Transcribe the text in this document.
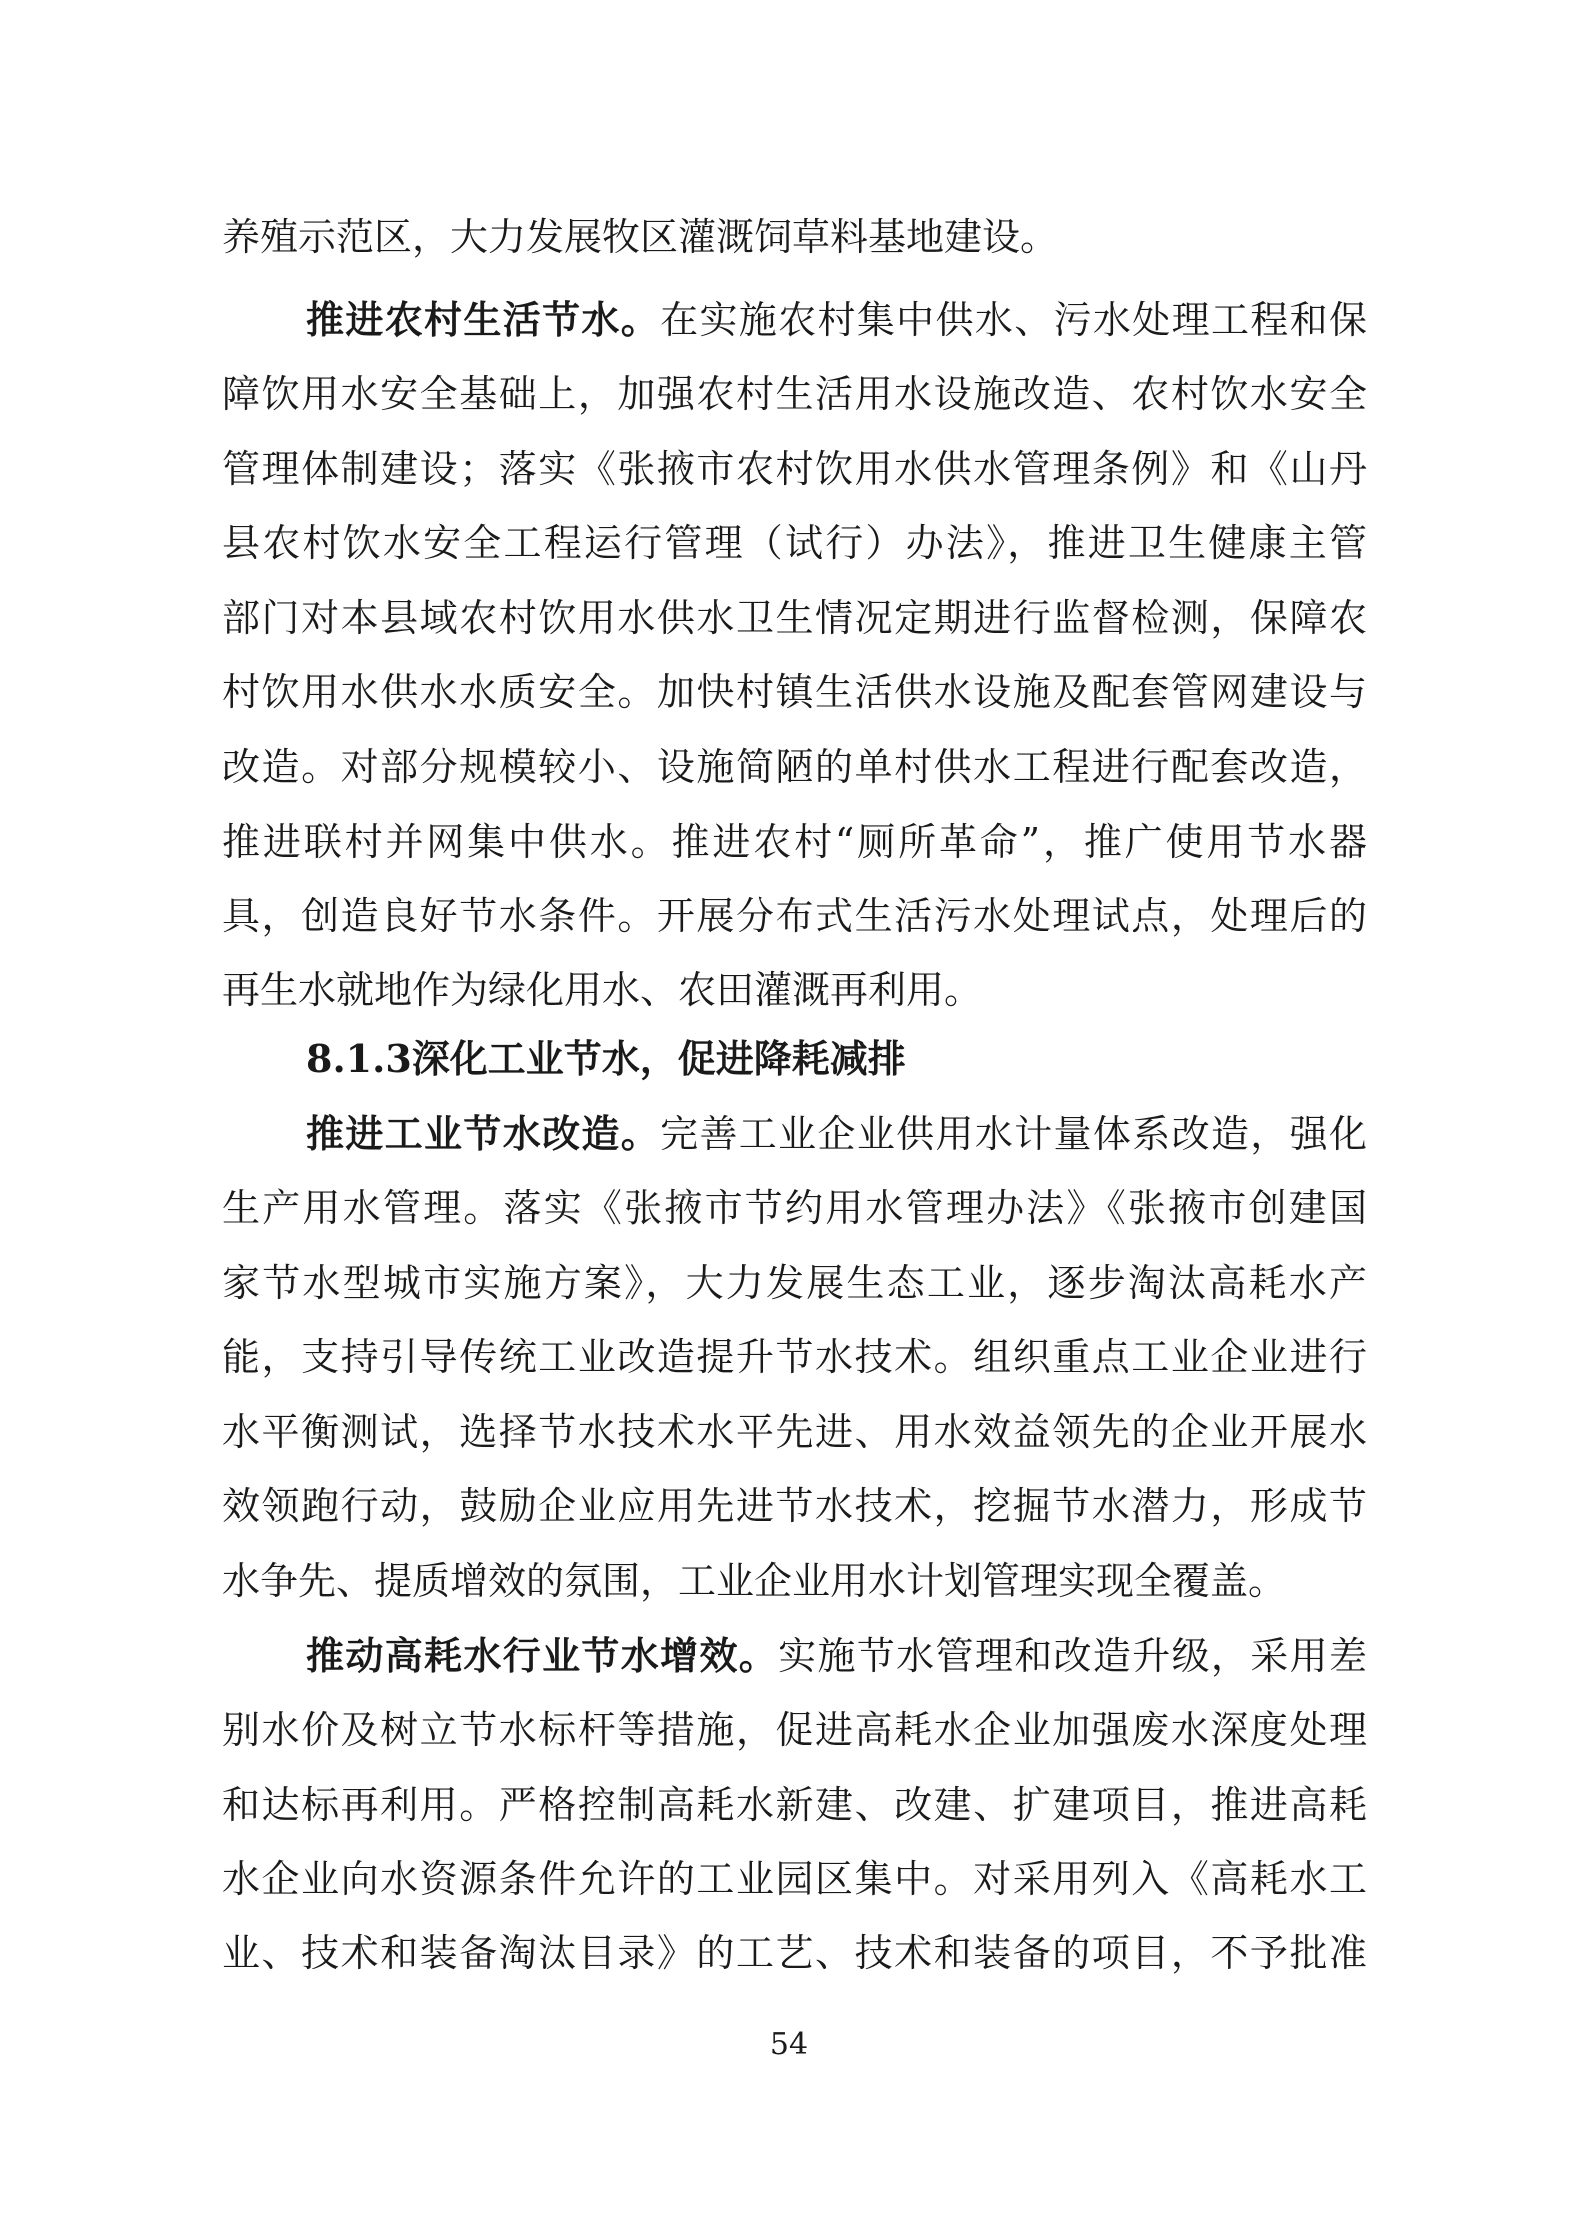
养殖示范区，大力发展牧区灌溉饲草料基地建设。
推进农村生活节水。在实施农村集中供水、污水处理工程和保
障饮用水安全基础上，加强农村生活用水设施改造、农村饮水安全
管理体制建设；落实《张掖市农村饮用水供水管理条例》和《山丹
县农村饮水安全工程运行管理（试行）办法》，推进卫生健康主管
部门对本县域农村饮用水供水卫生情况定期进行监督检测，保障农
村饮用水供水水质安全。加快村镇生活供水设施及配套管网建设与
改造。对部分规模较小、设施简陋的单村供水工程进行配套改造，
推进联村并网集中供水。推进农村“厕所革命”，推广使用节水器
具，创造良好节水条件。开展分布式生活污水处理试点，处理后的
再生水就地作为绿化用水、农田灌溉再利用。
8.1.3深化工业节水，促进降耗减排
推进工业节水改造。完善工业企业供用水计量体系改造，强化
生产用水管理。落实《张掖市节约用水管理办法》《张掖市创建国
家节水型城市实施方案》，大力发展生态工业，逐步淘汰高耗水产
能，支持引导传统工业改造提升节水技术。组织重点工业企业进行
水平衡测试，选择节水技术水平先进、用水效益领先的企业开展水
效领跑行动，鼓励企业应用先进节水技术，挖掘节水潜力，形成节
水争先、提质增效的氛围，工业企业用水计划管理实现全覆盖。
推动高耗水行业节水增效。实施节水管理和改造升级，采用差
别水价及树立节水标杆等措施，促进高耗水企业加强废水深度处理
和达标再利用。严格控制高耗水新建、改建、扩建项目，推进高耗
水企业向水资源条件允许的工业园区集中。对采用列入《高耗水工
业、技术和装备淘汰目录》的工艺、技术和装备的项目，不予批准
54
